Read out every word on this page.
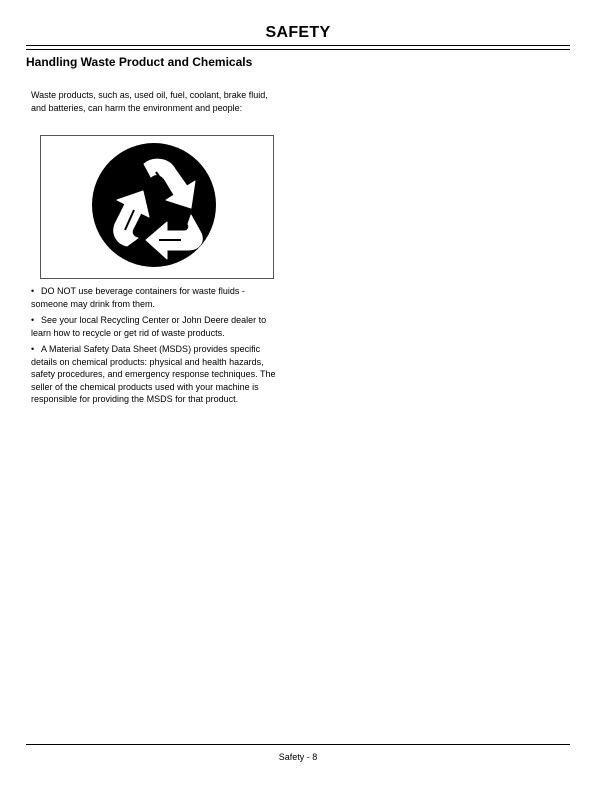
SAFETY
Handling Waste Product and Chemicals
Waste products, such as, used oil, fuel, coolant, brake fluid, and batteries, can harm the environment and people:
• DO NOT use beverage containers for waste fluids - someone may drink from them.
• See your local Recycling Center or John Deere dealer to learn how to recycle or get rid of waste products.
• A Material Safety Data Sheet (MSDS) provides specific details on chemical products: physical and health hazards, safety procedures, and emergency response techniques. The seller of the chemical products used with your machine is responsible for providing the MSDS for that product.
Safety - 8
